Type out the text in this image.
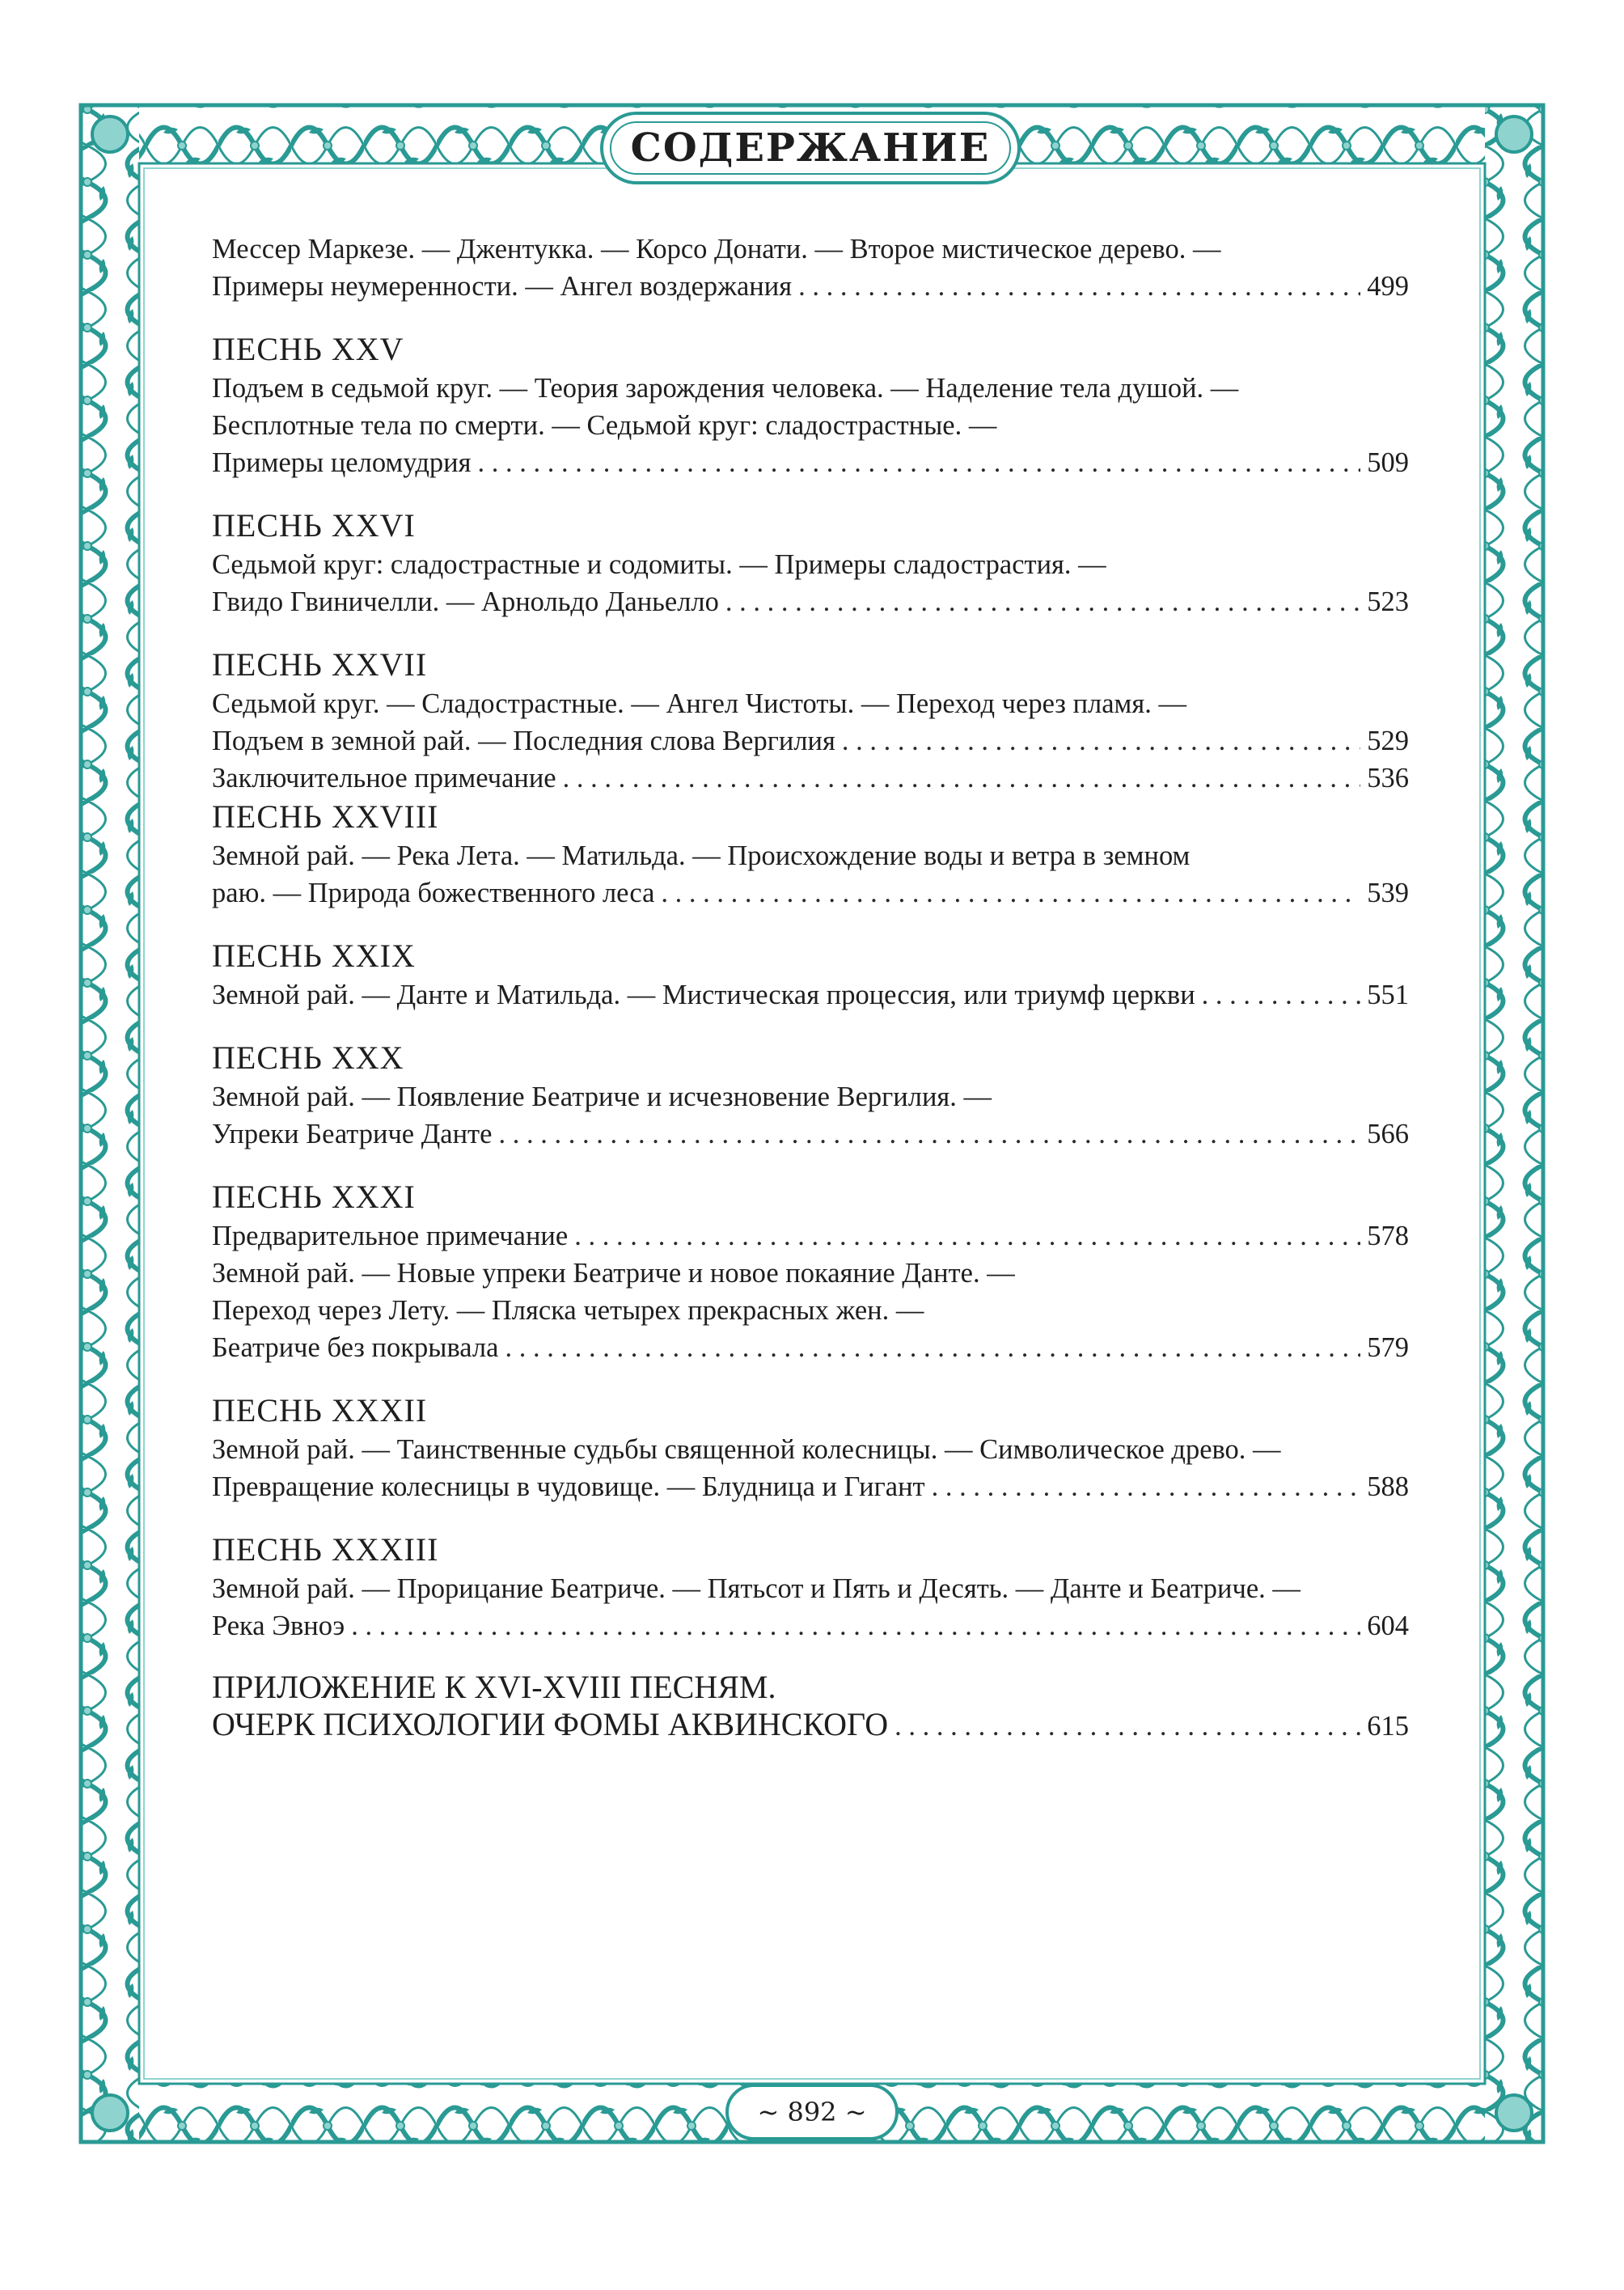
СОДЕРЖАНИЕ
~ 892 ~
Мессер Маркезе. — Джентукка. — Корсо Донати. — Второе мистическое дерево. —
Примеры неумеренности. — Ангел воздержания . . .	499
ПЕСНЬ XXV
Подъем в седьмой круг. — Теория зарождения человека. — Наделение тела душой. —
Бесплотные тела по смерти. — Седьмой круг: сладострастные. —
Примеры целомудрия . . .	509
ПЕСНЬ XXVI
Седьмой круг: сладострастные и содомиты. — Примеры сладострастия. —
Гвидо Гвиничелли. — Арнольдо Даньелло . . .	523
ПЕСНЬ XXVII
Седьмой круг. — Сладострастные. — Ангел Чистоты. — Переход через пламя. —
Подъем в земной рай. — Последния слова Вергилия . . .	529
Заключительное примечание . . .	536
ПЕСНЬ XXVIII
Земной рай. — Река Лета. — Матильда. — Происхождение воды и ветра в земном
раю. — Природа божественного леса . . .	539
ПЕСНЬ XXIX
Земной рай. — Данте и Матильда. — Мистическая процессия, или триумф церкви . . .	551
ПЕСНЬ XXX
Земной рай. — Появление Беатриче и исчезновение Вергилия. —
Упреки Беатриче Данте . . .	566
ПЕСНЬ XXXI
Предварительное примечание . . .	578
Земной рай. — Новые упреки Беатриче и новое покаяние Данте. —
Переход через Лету. — Пляска четырех прекрасных жен. —
Беатриче без покрывала . . .	579
ПЕСНЬ XXXII
Земной рай. — Таинственные судьбы священной колесницы. — Символическое древо. —
Превращение колесницы в чудовище. — Блудница и Гигант . . .	588
ПЕСНЬ XXXIII
Земной рай. — Прорицание Беатриче. — Пятьсот и Пять и Десять. — Данте и Беатриче. —
Река Эвноэ . . .	604
ПРИЛОЖЕНИЕ К XVI-XVIII ПЕСНЯМ.
ОЧЕРК ПСИХОЛОГИИ ФОМЫ АКВИНСКОГО . . .	615
